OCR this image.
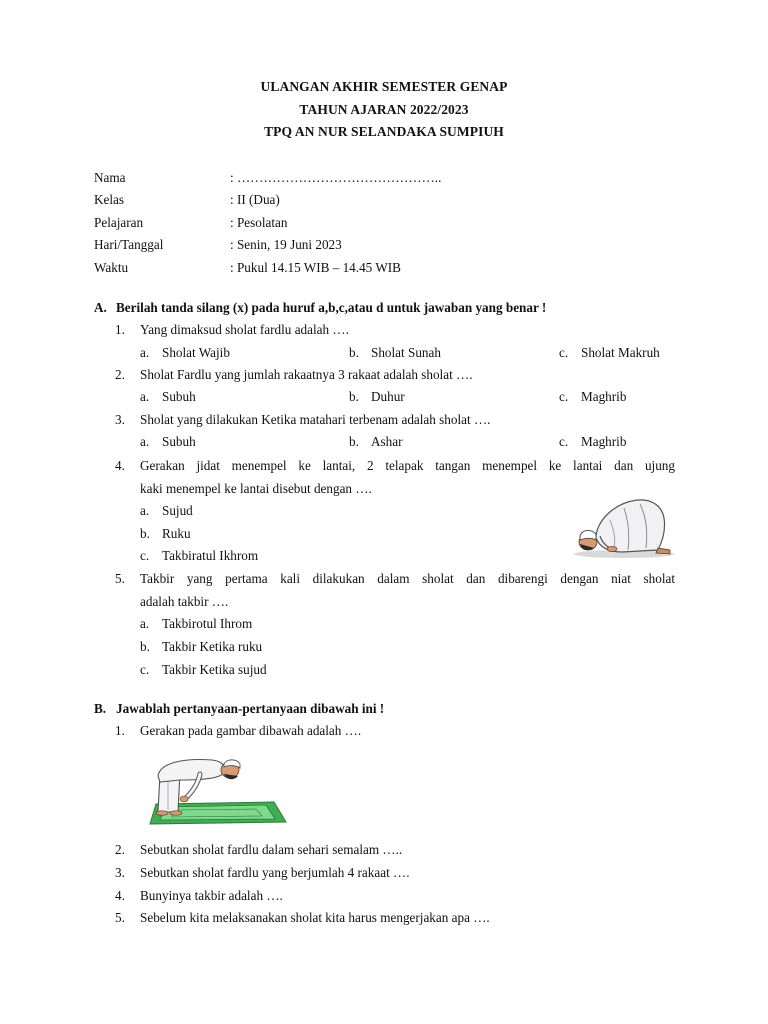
ULANGAN AKHIR SEMESTER GENAP
TAHUN AJARAN 2022/2023
TPQ AN NUR SELANDAKA SUMPIUH
Nama	: ………………………………………..
Kelas	: II (Dua)
Pelajaran	: Pesolatan
Hari/Tanggal	: Senin, 19 Juni 2023
Waktu	: Pukul 14.15 WIB – 14.45 WIB
A. Berilah tanda silang (x) pada huruf a,b,c,atau d untuk jawaban yang benar !
1. Yang dimaksud sholat fardlu adalah ….
a. Sholat Wajib	b. Sholat Sunah	c. Sholat Makruh
2. Sholat Fardlu yang jumlah rakaatnya 3 rakaat adalah sholat ….
a. Subuh	b. Duhur	c. Maghrib
3. Sholat yang dilakukan Ketika matahari terbenam adalah sholat ….
a. Subuh	b. Ashar	c. Maghrib
4. Gerakan jidat menempel ke lantai, 2 telapak tangan menempel ke lantai dan ujung
kaki menempel ke lantai disebut dengan ….
a. Sujud
b. Ruku
c. Takbiratul Ikhrom
5. Takbir yang pertama kali dilakukan dalam sholat dan dibarengi dengan niat sholat
adalah takbir ….
a. Takbirotul Ihrom
b. Takbir Ketika ruku
c. Takbir Ketika sujud
B. Jawablah pertanyaan-pertanyaan dibawah ini !
1. Gerakan pada gambar dibawah adalah ….
2. Sebutkan sholat fardlu dalam sehari semalam …..
3. Sebutkan sholat fardlu yang berjumlah 4 rakaat ….
4. Bunyinya takbir adalah ….
5. Sebelum kita melaksanakan sholat kita harus mengerjakan apa ….
